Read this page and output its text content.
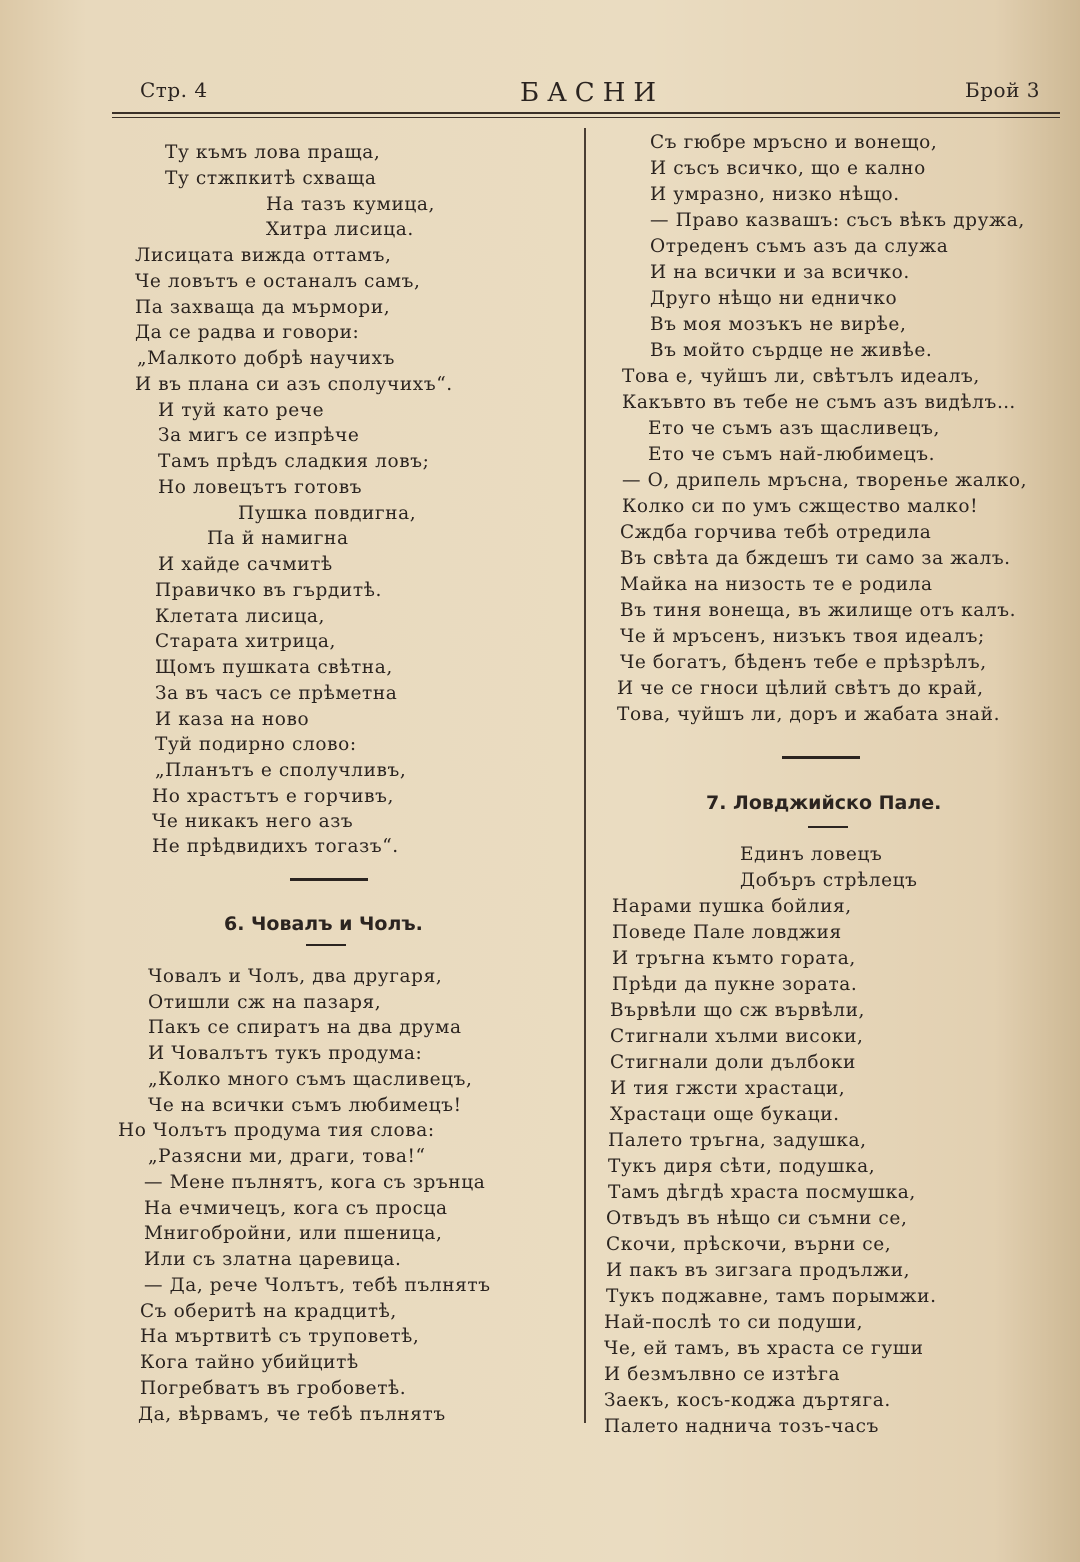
Стр. 4	БАСНИ	Брой 3
Ту къмъ лова праща,
Ту стжпкитѣ схваща
На тазъ кумица,
Хитра лисица.
Лисицата вижда оттамъ,
Че ловътъ е останалъ самъ,
Па захваща да мърмори,
Да се радва и говори:
„Малкото добрѣ научихъ
И въ плана си азъ сполучихъ“.
И туй като рече
За мигъ се изпрѣче
Тамъ прѣдъ сладкия ловъ;
Но ловецътъ готовъ
Пушка повдигна,
Па й намигна
И хайде сачмитѣ
Правичко въ гърдитѣ.
Клетата лисица,
Старата хитрица,
Щомъ пушката свѣтна,
За въ часъ се прѣметна
И каза на ново
Туй подирно слово:
„Планътъ е сполучливъ,
Но храстътъ е горчивъ,
Че никакъ него азъ
Не прѣдвидихъ тогазъ“.
6. Човалъ и Чолъ.
Човалъ и Чолъ, два другаря,
Отишли сж на пазаря,
Пакъ се спиратъ на два друма
И Човалътъ тукъ продума:
„Колко много съмъ щасливецъ,
Че на всички съмъ любимецъ!
Но Чолътъ продума тия слова:
„Разясни ми, драги, това!“
— Мене пълнятъ, кога съ зрънца
На ечмичецъ, кога съ просца
Мнигобройни, или пшеница,
Или съ златна царевица.
— Да, рече Чолътъ, тебѣ пълнятъ
Съ оберитѣ на крадцитѣ,
На мъртвитѣ съ труповетѣ,
Кога тайно убийцитѣ
Погребватъ въ гробоветѣ.
Да, вѣрвамъ, че тебѣ пълнятъ
Съ гюбре мръсно и вонещо,
И съсъ всичко, що е кално
И умразно, низко нѣщо.
— Право казвашъ: съсъ вѣкъ дружа,
Отреденъ съмъ азъ да служа
И на всички и за всичко.
Друго нѣщо ни едничко
Въ моя мозъкъ не вирѣе,
Въ мойто сърдце не живѣе.
Това е, чуйшъ ли, свѣтълъ идеалъ,
Какъвто въ тебе не съмъ азъ видѣлъ…
Ето че съмъ азъ щасливецъ,
Ето че съмъ най-любимецъ.
— О, дрипель мръсна, творенье жалко,
Колко си по умъ сжщество малко!
Сждба горчива тебѣ отредила
Въ свѣта да бждешъ ти само за жалъ.
Майка на низость те е родила
Въ тиня вонеща, въ жилище отъ калъ.
Че й мръсенъ, низъкъ твоя идеалъ;
Че богатъ, бѣденъ тебе е прѣзрѣлъ,
И че се гноси цѣлий свѣтъ до край,
Това, чуйшъ ли, доръ и жабата знай.
7. Ловджийско Пале.
Единъ ловецъ
Добъръ стрѣлецъ
Нарами пушка бойлия,
Поведе Пале ловджия
И тръгна къмто гората,
Прѣди да пукне зората.
Вървѣли що сж вървѣли,
Стигнали хълми високи,
Стигнали доли дълбоки
И тия гжсти храстаци,
Храстаци още букаци.
Палето тръгна, задушка,
Тукъ диря сѣти, подушка,
Тамъ дѣгдѣ храста посмушка,
Отвъдъ въ нѣщо си съмни се,
Скочи, прѣскочи, върни се,
И пакъ въ зигзага продължи,
Тукъ поджавне, тамъ порымжи.
Най-послѣ то си подуши,
Че, ей тамъ, въ храста се гуши
И безмълвно се изтѣга
Заекъ, косъ-коджа дъртяга.
Палето надничa тозъ-часъ
